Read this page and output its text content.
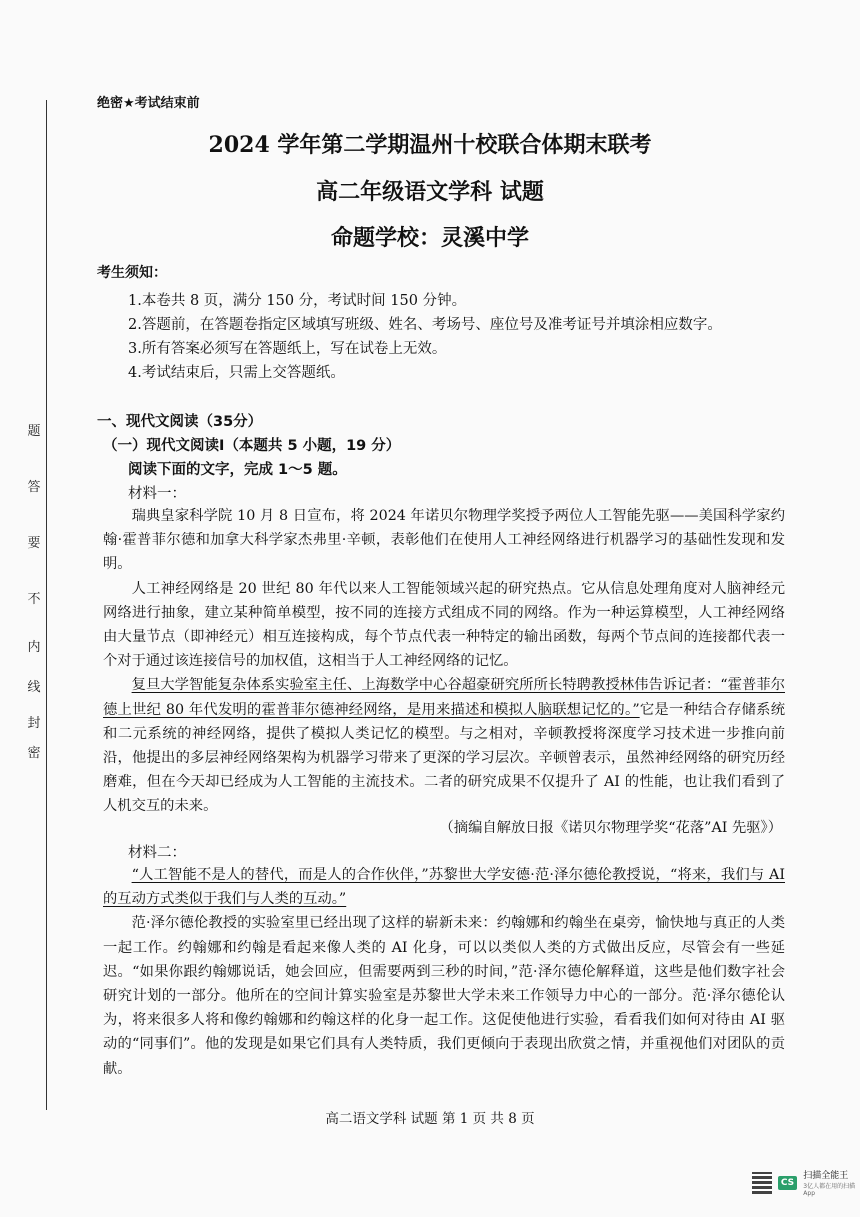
题
答
要
不
内
线
封
密
绝密★考试结束前
2024 学年第二学期温州十校联合体期末联考
高二年级语文学科 试题
命题学校：灵溪中学
考生须知：
1.本卷共 8 页，满分 150 分，考试时间 150 分钟。
2.答题前，在答题卷指定区域填写班级、姓名、考场号、座位号及准考证号并填涂相应数字。
3.所有答案必须写在答题纸上，写在试卷上无效。
4.考试结束后，只需上交答题纸。
一、现代文阅读（35分）
（一）现代文阅读Ⅰ（本题共 5 小题，19 分）
阅读下面的文字，完成 1～5 题。
材料一：

瑞典皇家科学院 10 月 8 日宣布，将 2024 年诺贝尔物理学奖授予两位人工智能先驱——美国科学家约翰·霍普菲尔德和加拿大科学家杰弗里·辛顿，表彰他们在使用人工神经网络进行机器学习的基础性发现和发明。

人工神经网络是 20 世纪 80 年代以来人工智能领域兴起的研究热点。它从信息处理角度对人脑神经元网络进行抽象，建立某种简单模型，按不同的连接方式组成不同的网络。作为一种运算模型，人工神经网络由大量节点（即神经元）相互连接构成，每个节点代表一种特定的输出函数，每两个节点间的连接都代表一个对于通过该连接信号的加权值，这相当于人工神经网络的记忆。

复旦大学智能复杂体系实验室主任、上海数学中心谷超豪研究所所长特聘教授林伟告诉记者：“霍普菲尔德上世纪 80 年代发明的霍普菲尔德神经网络，是用来描述和模拟人脑联想记忆的。”它是一种结合存储系统和二元系统的神经网络，提供了模拟人类记忆的模型。与之相对，辛顿教授将深度学习技术进一步推向前沿，他提出的多层神经网络架构为机器学习带来了更深的学习层次。辛顿曾表示，虽然神经网络的研究历经磨难，但在今天却已经成为人工智能的主流技术。二者的研究成果不仅提升了 AI 的性能，也让我们看到了人机交互的未来。

（摘编自解放日报《诺贝尔物理学奖“花落”AI 先驱》）
材料二：

“人工智能不是人的替代，而是人的合作伙伴，”苏黎世大学安德·范·泽尔德伦教授说，“将来，我们与 AI 的互动方式类似于我们与人类的互动。”

范·泽尔德伦教授的实验室里已经出现了这样的崭新未来：约翰娜和约翰坐在桌旁，愉快地与真正的人类一起工作。约翰娜和约翰是看起来像人类的 AI 化身，可以以类似人类的方式做出反应，尽管会有一些延迟。“如果你跟约翰娜说话，她会回应，但需要两到三秒的时间，”范·泽尔德伦解释道，这些是他们数字社会研究计划的一部分。他所在的空间计算实验室是苏黎世大学未来工作领导力中心的一部分。范·泽尔德伦认为，将来很多人将和像约翰娜和约翰这样的化身一起工作。这促使他进行实验，看看我们如何对待由 AI 驱动的“同事们”。他的发现是如果它们具有人类特质，我们更倾向于表现出欣赏之情，并重视他们对团队的贡献。

高二语文学科 试题 第 1 页 共 8 页
CS
扫描全能王
3亿人都在用的扫描App
